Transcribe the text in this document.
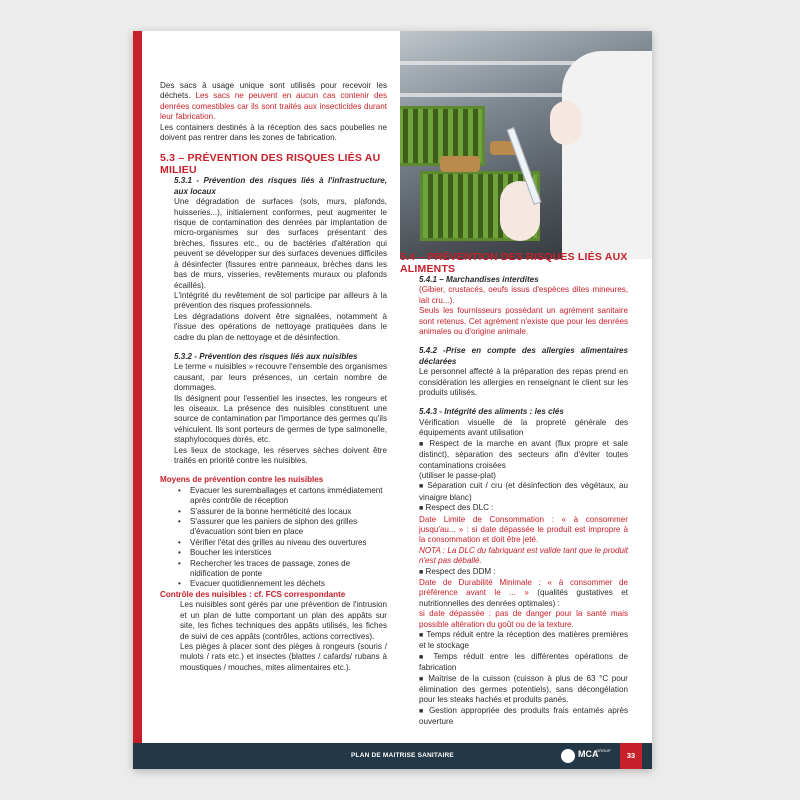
Des sacs à usage unique sont utilisés pour recevoir les déchets. Les sacs ne peuvent en aucun cas contenir des denrées comestibles car ils sont traités aux insecticides durant leur fabrication.

Les containers destinés à la réception des sacs poubelles ne doivent pas rentrer dans les zones de fabrication.

5.3 – PRÉVENTION DES RISQUES LIÉS AU MILIEU

5.3.1 - Prévention des risques liés à l'infrastructure, aux locaux

Une dégradation de surfaces (sols, murs, plafonds, huisseries...), initialement conformes, peut augmenter le risque de contamination des denrées par implantation de micro-organismes sur des surfaces présentant des brèches, fissures etc., ou de bactéries d'altération qui peuvent se développer sur des surfaces devenues difficiles à désinfecter (fissures entre panneaux, brèches dans les bas de murs, visseries, revêtements muraux ou plafonds écaillés).

L'intégrité du revêtement de sol participe par ailleurs à la prévention des risques professionnels.

Les dégradations doivent être signalées, notamment à l'issue des opérations de nettoyage pratiquées dans le cadre du plan de nettoyage et de désinfection.

5.3.2 - Prévention des risques liés aux nuisibles

Le terme « nuisibles » recouvre l'ensemble des organismes causant, par leurs présences, un certain nombre de dommages.

Ils désignent pour l'essentiel les insectes, les rongeurs et les oiseaux. La présence des nuisibles constituent une source de contamination par l'importance des germes qu'ils véhiculent. Ils sont porteurs de germes de type salmonelle, staphylocoques dorés, etc.

Les lieux de stockage, les réserves sèches doivent être traités en priorité contre les nuisibles.

Moyens de prévention contre les nuisibles

• Evacuer les suremballages et cartons immédiatement après contrôle de réception
• S'assurer de la bonne herméticité des locaux
• S'assurer que les paniers de siphon des grilles d'évacuation sont bien en place
• Vérifier l'état des grilles au niveau des ouvertures
• Boucher les interstices
• Rechercher les traces de passage, zones de nidification de ponte
• Evacuer quotidiennement les déchets

Contrôle des nuisibles : cf. FCS correspondante

Les nuisibles sont gérés par une prévention de l'intrusion et un plan de lutte comportant un plan des appâts sur site, les fiches techniques des appâts utilisés, les fiches de suivi de ces appâts (contrôles, actions correctives).

Les pièges à placer sont des pièges à rongeurs (souris / mulots / rats etc.) et insectes (blattes / cafards/ rubans à moustiques / mouches, mites alimentaires etc.).

5.4 – PRÉVENTION DES RISQUES LIÉS AUX ALIMENTS

5.4.1 – Marchandises interdites

(Gibier, crustacés, oeufs issus d'espèces dites mineures, lait cru...).

Seuls les fournisseurs possédant un agrément sanitaire sont retenus. Cet agrément n'existe que pour les denrées animales ou d'origine animale.

5.4.2 -Prise en compte des allergies alimentaires déclarées

Le personnel affecté à la préparation des repas prend en considération les allergies en renseignant le client sur les produits utilisés.

5.4.3 - Intégrité des aliments : les clés

Vérification visuelle de la propreté générale des équipements avant utilisation

■ Respect de la marche en avant (flux propre et sale distinct), séparation des secteurs afin d'éviter toutes contaminations croisées

(utiliser le passe-plat)

■ Séparation cuit / cru (et désinfection des végétaux, au vinaigre blanc)

■ Respect des DLC :

Date Limite de Consommation : « à consommer jusqu'au... » : si date dépassée le produit est impropre à la consommation et doit être jeté.

NOTA : La DLC du fabriquant est valide tant que le produit n'est pas déballé.

■ Respect des DDM :

Date de Durabilité Minimale : « à consommer de préférence avant le ... » (qualités gustatives et nutritionnelles des denrées optimales) :

si date dépassée : pas de danger pour la santé mais possible altération du goût ou de la texture.

■ Temps réduit entre la réception des matières premières et le stockage

■ Temps réduit entre les différentes opérations de fabrication

■ Maitrise de la cuisson (cuisson à plus de 63 °C pour élimination des germes potentiels), sans décongélation pour les steaks hachés et produits panés.

■ Gestion appropriée des produits frais entamés après ouverture

PLAN DE MAITRISE SANITAIRE	MCA
GROUP
33
